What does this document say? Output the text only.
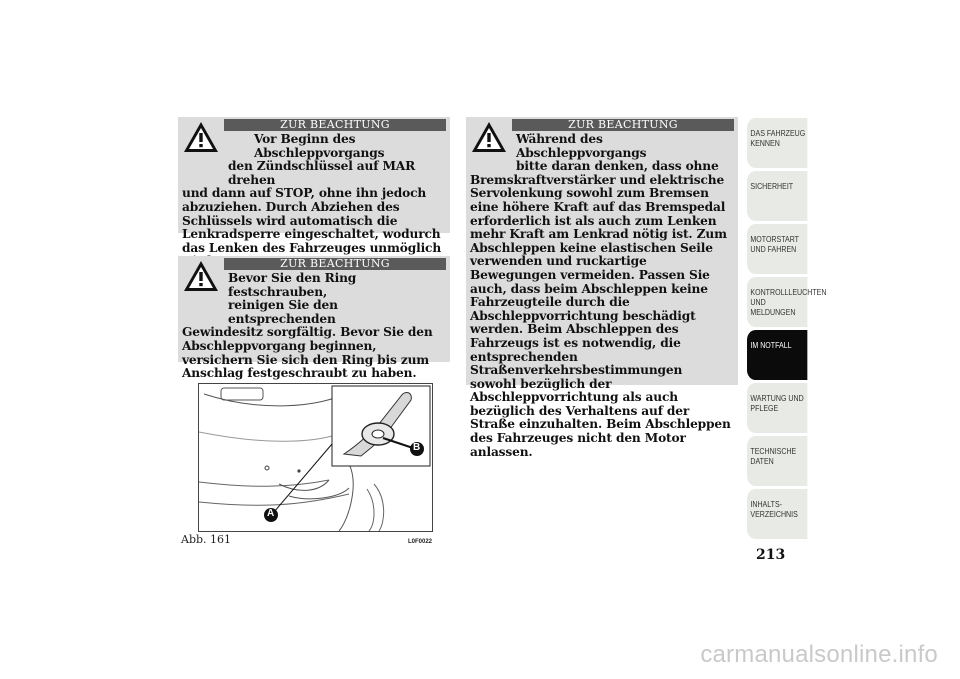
ZUR BEACHTUNG
Vor Beginn des Abschleppvorgangs
den Zündschlüssel auf MAR drehen
und dann auf STOP, ohne ihn jedoch abzuziehen. Durch Abziehen des Schlüssels wird automatisch die Lenkradsperre eingeschaltet, wodurch das Lenken des Fahrzeuges unmöglich
ZUR BEACHTUNG
Bevor Sie den Ring festschrauben,
reinigen Sie den entsprechenden
Gewindesitz sorgfältig. Bevor Sie den Abschleppvorgang beginnen, versichern Sie sich den Ring bis zum Anschlag festgeschraubt zu haben.
ZUR BEACHTUNG
Während des Abschleppvorgangs
bitte daran denken, dass ohne
Bremskraftverstärker und elektrische Servolenkung sowohl zum Bremsen eine höhere Kraft auf das Bremspedal erforderlich ist als auch zum Lenken mehr Kraft am Lenkrad nötig ist. Zum Abschleppen keine elastischen Seile verwenden und ruckartige Bewegungen vermeiden. Passen Sie auch, dass beim Abschleppen keine Fahrzeugteile durch die Abschleppvorrichtung beschädigt werden. Beim Abschleppen des Fahrzeugs ist es notwendig, die entsprechenden Straßenverkehrsbestimmungen sowohl bezüglich der Abschleppvorrichtung als auch bezüglich des Verhaltens auf der Straße einzuhalten. Beim Abschleppen des Fahrzeuges nicht den Motor anlassen.
A
B
Abb. 161	L0F0022
DAS FAHRZEUG KENNEN
SICHERHEIT
MOTORSTART UND FAHREN
KONTROLLLEUCHTEN UND MELDUNGEN
IM NOTFALL
WARTUNG UND PFLEGE
TECHNISCHE DATEN
INHALTS-VERZEICHNIS
213
carmanualsonline.info
